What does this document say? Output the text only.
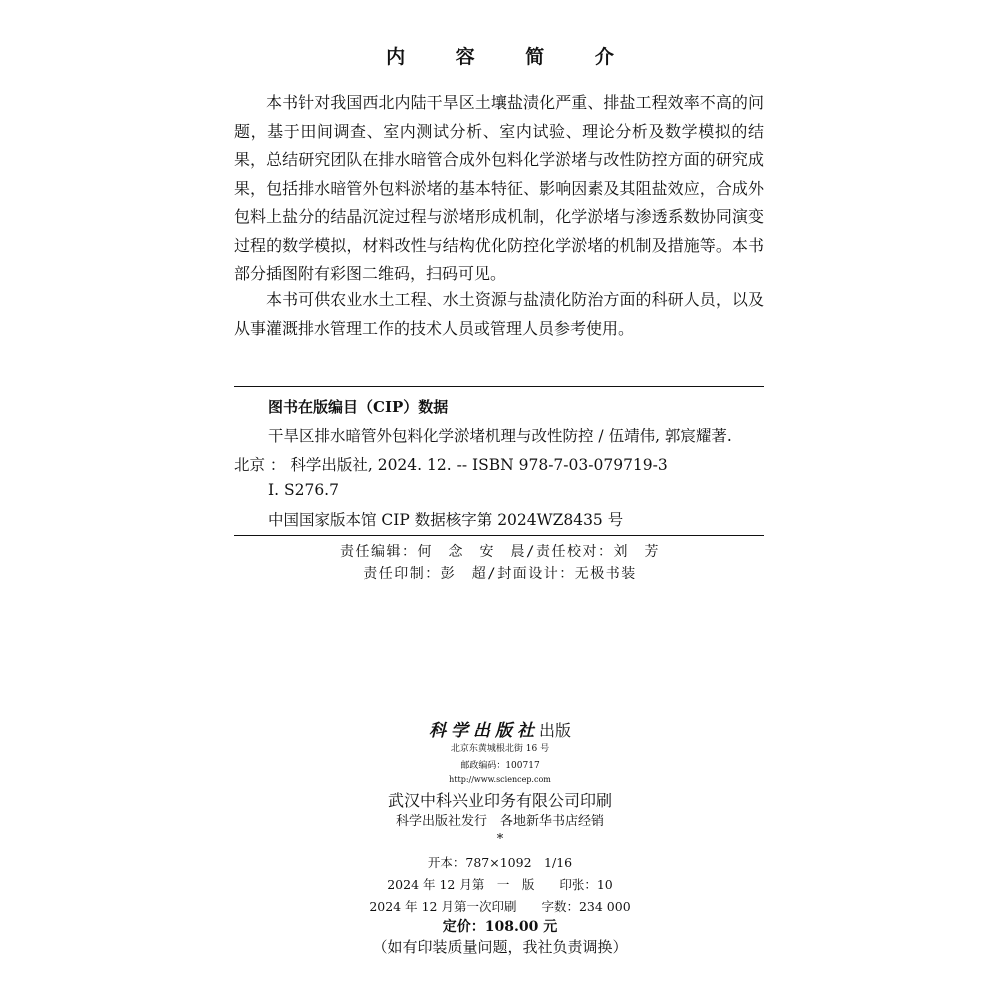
内 容 简 介

本书针对我国西北内陆干旱区土壤盐渍化严重、排盐工程效率不高的问题，基于田间调查、室内测试分析、室内试验、理论分析及数学模拟的结果，总结研究团队在排水暗管合成外包料化学淤堵与改性防控方面的研究成果，包括排水暗管外包料淤堵的基本特征、影响因素及其阻盐效应，合成外包料上盐分的结晶沉淀过程与淤堵形成机制，化学淤堵与渗透系数协同演变过程的数学模拟，材料改性与结构优化防控化学淤堵的机制及措施等。本书部分插图附有彩图二维码，扫码可见。

本书可供农业水土工程、水土资源与盐渍化防治方面的科研人员，以及从事灌溉排水管理工作的技术人员或管理人员参考使用。

图书在版编目（CIP）数据
干旱区排水暗管外包料化学淤堵机理与改性防控 / 伍靖伟, 郭宸耀著.
北京 ： 科学出版社, 2024. 12. -- ISBN 978-7-03-079719-3
I. S276.7
中国国家版本馆 CIP 数据核字第 2024WZ8435 号
责任编辑：何　念　安　晨/责任校对：刘　芳
责任印制：彭　超/封面设计：无极书装
科学出版社出版
北京东黄城根北街 16 号
邮政编码：100717
http://www.sciencep.com
武汉中科兴业印务有限公司印刷
科学出版社发行　各地新华书店经销
*
开本：787×1092　1/16
2024 年 12 月第　一　版　　印张：10
2024 年 12 月第一次印刷　　字数：234 000
定价：108.00 元
（如有印装质量问题，我社负责调换）
